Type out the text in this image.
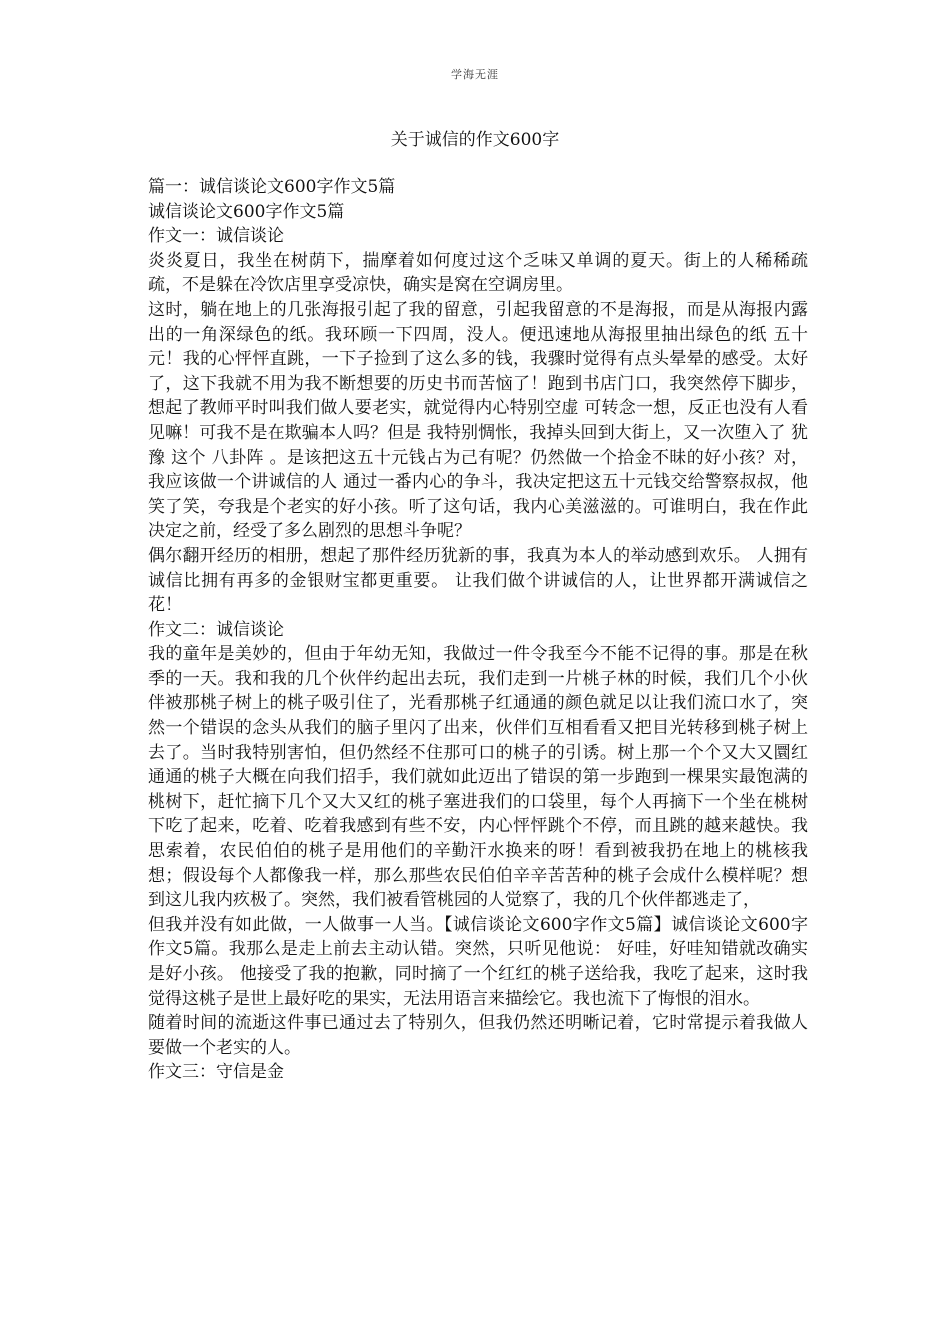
学海无涯
关于诚信的作文600字

篇一：诚信谈论文600字作文5篇

诚信谈论文600字作文5篇

作文一：诚信谈论

炎炎夏日，我坐在树荫下，揣摩着如何度过这个乏味又单调的夏天。街上的人稀稀疏疏，不是躲在冷饮店里享受凉快，确实是窝在空调房里。

这时，躺在地上的几张海报引起了我的留意，引起我留意的不是海报，而是从海报内露出的一角深绿色的纸。我环顾一下四周，没人。便迅速地从海报里抽出绿色的纸 五十元！我的心怦怦直跳，一下子捡到了这么多的钱，我骤时觉得有点头晕晕的感受。太好了，这下我就不用为我不断想要的历史书而苦恼了！跑到书店门口，我突然停下脚步，想起了教师平时叫我们做人要老实，就觉得内心特别空虚 可转念一想，反正也没有人看见嘛！可我不是在欺骗本人吗？但是 我特别惆怅，我掉头回到大街上，又一次堕入了 犹豫 这个 八卦阵 。是该把这五十元钱占为己有呢？仍然做一个拾金不昧的好小孩？对，我应该做一个讲诚信的人 通过一番内心的争斗，我决定把这五十元钱交给警察叔叔，他笑了笑，夸我是个老实的好小孩。听了这句话，我内心美滋滋的。可谁明白，我在作此决定之前，经受了多么剧烈的思想斗争呢？

偶尔翻开经历的相册，想起了那件经历犹新的事，我真为本人的举动感到欢乐。 人拥有诚信比拥有再多的金银财宝都更重要。 让我们做个讲诚信的人，让世界都开满诚信之花！

作文二：诚信谈论

我的童年是美妙的，但由于年幼无知，我做过一件令我至今不能不记得的事。那是在秋季的一天。我和我的几个伙伴约起出去玩，我们走到一片桃子林的时候，我们几个小伙伴被那桃子树上的桃子吸引住了，光看那桃子红通通的颜色就足以让我们流口水了，突然一个错误的念头从我们的脑子里闪了出来，伙伴们互相看看又把目光转移到桃子树上去了。当时我特别害怕，但仍然经不住那可口的桃子的引诱。树上那一个个又大又圜红通通的桃子大概在向我们招手，我们就如此迈出了错误的第一步跑到一棵果实最饱满的桃树下，赶忙摘下几个又大又红的桃子塞进我们的口袋里，每个人再摘下一个坐在桃树下吃了起来，吃着、吃着我感到有些不安，内心怦怦跳个不停，而且跳的越来越快。我思索着，农民伯伯的桃子是用他们的辛勤汗水换来的呀！看到被我扔在地上的桃核我想；假设每个人都像我一样，那么那些农民伯伯辛辛苦苦种的桃子会成什么模样呢？想到这儿我内疚极了。突然，我们被看管桃园的人觉察了，我的几个伙伴都逃走了，

但我并没有如此做，一人做事一人当。【诚信谈论文600字作文5篇】诚信谈论文600字作文5篇。我那么是走上前去主动认错。突然，只听见他说： 好哇，好哇知错就改确实是好小孩。 他接受了我的抱歉，同时摘了一个红红的桃子送给我，我吃了起来，这时我觉得这桃子是世上最好吃的果实，无法用语言来描绘它。我也流下了悔恨的泪水。

随着时间的流逝这件事已通过去了特别久，但我仍然还明晰记着，它时常提示着我做人要做一个老实的人。

作文三：守信是金
